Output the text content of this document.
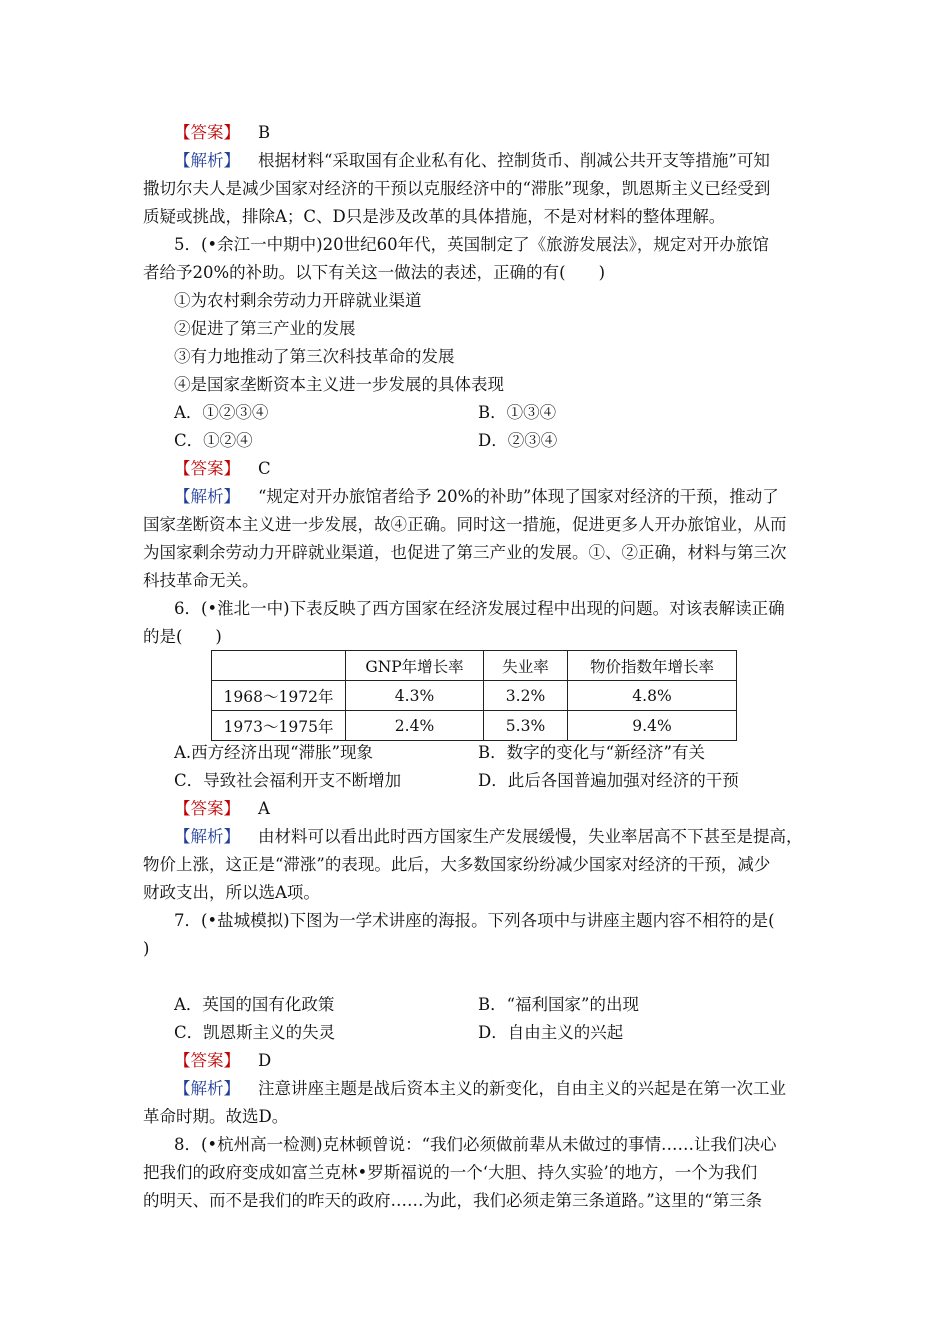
【答案】 B
【解析】 根据材料“采取国有企业私有化、控制货币、削减公共开支等措施”可知
撒切尔夫人是减少国家对经济的干预以克服经济中的“滞胀”现象，凯恩斯主义已经受到
质疑或挑战，排除A；C、D只是涉及改革的具体措施，不是对材料的整体理解。
5．(•余江一中期中)20世纪60年代，英国制定了《旅游发展法》，规定对开办旅馆
者给予20%的补助。以下有关这一做法的表述，正确的有(　　)
①为农村剩余劳动力开辟就业渠道
②促进了第三产业的发展
③有力地推动了第三次科技革命的发展
④是国家垄断资本主义进一步发展的具体表现
A．①②③④	B．①③④
C．①②④	D．②③④
【答案】 C
【解析】 “规定对开办旅馆者给予 20%的补助”体现了国家对经济的干预，推动了
国家垄断资本主义进一步发展，故④正确。同时这一措施，促进更多人开办旅馆业，从而
为国家剩余劳动力开辟就业渠道，也促进了第三产业的发展。①、②正确，材料与第三次
科技革命无关。
6．(•淮北一中)下表反映了西方国家在经济发展过程中出现的问题。对该表解读正确
的是(　　)
	GNP年增长率	失业率	物价指数年增长率
1968～1972年	4.3%	3.2%	4.8%
1973～1975年	2.4%	5.3%	9.4%
A.西方经济出现“滞胀”现象	B．数字的变化与“新经济”有关
C．导致社会福利开支不断增加	D．此后各国普遍加强对经济的干预
【答案】 A
【解析】 由材料可以看出此时西方国家生产发展缓慢，失业率居高不下甚至是提高，
物价上涨，这正是“滞涨”的表现。此后，大多数国家纷纷减少国家对经济的干预，减少
财政支出，所以选A项。
7．(•盐城模拟)下图为一学术讲座的海报。下列各项中与讲座主题内容不相符的是(
)
A．英国的国有化政策	B．“福利国家”的出现
C．凯恩斯主义的失灵	D．自由主义的兴起
【答案】 D
【解析】 注意讲座主题是战后资本主义的新变化，自由主义的兴起是在第一次工业
革命时期。故选D。
8．(•杭州高一检测)克林顿曾说：“我们必须做前辈从未做过的事情……让我们决心
把我们的政府变成如富兰克林•罗斯福说的一个‘大胆、持久实验’的地方，一个为我们
的明天、而不是我们的昨天的政府……为此，我们必须走第三条道路。”这里的“第三条
